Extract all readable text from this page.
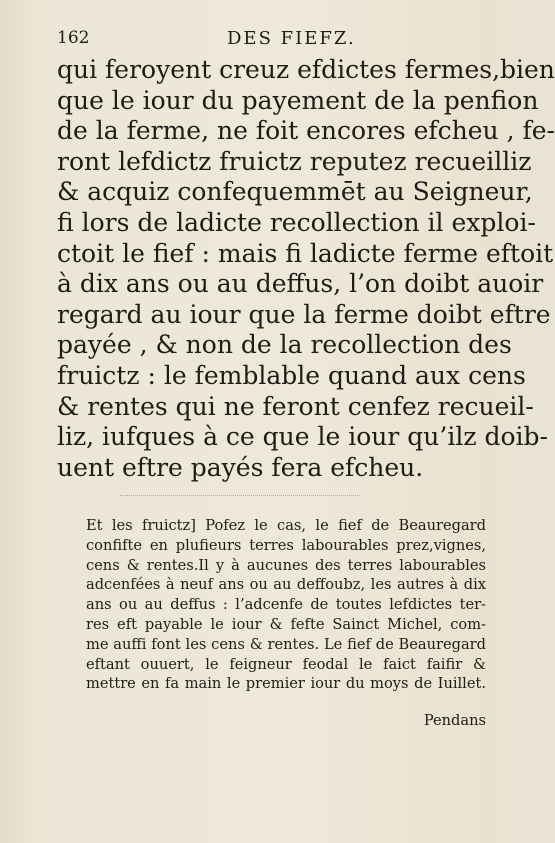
162	DES FIEFZ.
qui feroyent creuz efdictes fermes,bien
que le iour du payement de la penfion
de la ferme, ne foit encores efcheu , fe-
ront lefdictz fruictz reputez recueilliz
& acquiz confequemmēt au Seigneur,
fi lors de ladicte recollection il exploi-
ctoit le fief : mais fi ladicte ferme eftoit
à dix ans ou au deffus, l’on doibt auoir
regard au iour que la ferme doibt eftre
payée , & non de la recollection des
fruictz : le femblable quand aux cens
& rentes qui ne feront cenfez recueil-
liz, iufques à ce que le iour qu’ilz doib-
uent eftre payés fera efcheu.
Et les fruictz] Pofez le cas, le fief de Beauregard
confifte en plufieurs terres labourables prez,vignes,
cens & rentes.Il y à aucunes des terres labourables
adcenfées à neuf ans ou au deffoubz, les autres à dix
ans ou au deffus : l’adcenfe de toutes lefdictes ter-
res eft payable le iour & fefte Sainct Michel, com-
me auffi font les cens & rentes. Le fief de Beauregard
eftant ouuert, le feigneur feodal le faict faifir &
mettre en fa main le premier iour du moys de Iuillet.
Pendans
